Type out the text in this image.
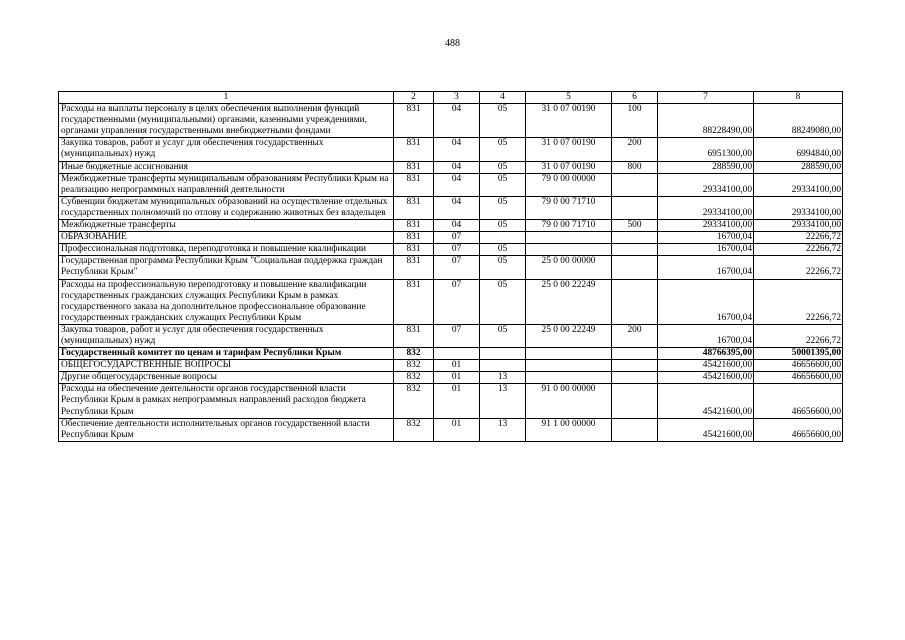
488
1	2	3	4	5	6	7	8
Расходы на выплаты персоналу в целях обеспечения выполнения функций государственными (муниципальными) органами, казенными учреждениями, органами управления государственными внебюджетными фондами	831	04	05	31 0 07 00190	100	88228490,00	88249080,00
Закупка товаров, работ и услуг для обеспечения государственных (муниципальных) нужд	831	04	05	31 0 07 00190	200	6951300,00	6994840,00
Иные бюджетные ассигнования	831	04	05	31 0 07 00190	800	288590,00	288590,00
Межбюджетные трансферты муниципальным образованиям Республики Крым на реализацию непрограммных направлений деятельности	831	04	05	79 0 00 00000		29334100,00	29334100,00
Субвенции бюджетам муниципальных образований на осуществление отдельных государственных полномочий по отлову и содержанию животных без владельцев	831	04	05	79 0 00 71710		29334100,00	29334100,00
Межбюджетные трансферты	831	04	05	79 0 00 71710	500	29334100,00	29334100,00
ОБРАЗОВАНИЕ	831	07				16700,04	22266,72
Профессиональная подготовка, переподготовка и повышение квалификации	831	07	05			16700,04	22266,72
Государственная программа Республики Крым "Социальная поддержка граждан Республики Крым"	831	07	05	25 0 00 00000		16700,04	22266,72
Расходы на профессиональную переподготовку и повышение квалификации государственных гражданских служащих Республики Крым в рамках государственного заказа на дополнительное профессиональное образование государственных гражданских служащих Республики Крым	831	07	05	25 0 00 22249		16700,04	22266,72
Закупка товаров, работ и услуг для обеспечения государственных (муниципальных) нужд	831	07	05	25 0 00 22249	200	16700,04	22266,72
Государственный комитет по ценам и тарифам Республики Крым	832					48766395,00	50001395,00
ОБЩЕГОСУДАРСТВЕННЫЕ ВОПРОСЫ	832	01				45421600,00	46656600,00
Другие общегосударственные вопросы	832	01	13			45421600,00	46656600,00
Расходы на обеспечение деятельности органов государственной власти Республики Крым в рамках непрограммных направлений расходов бюджета Республики Крым	832	01	13	91 0 00 00000		45421600,00	46656600,00
Обеспечение деятельности исполнительных органов государственной власти Республики Крым	832	01	13	91 1 00 00000		45421600,00	46656600,00
